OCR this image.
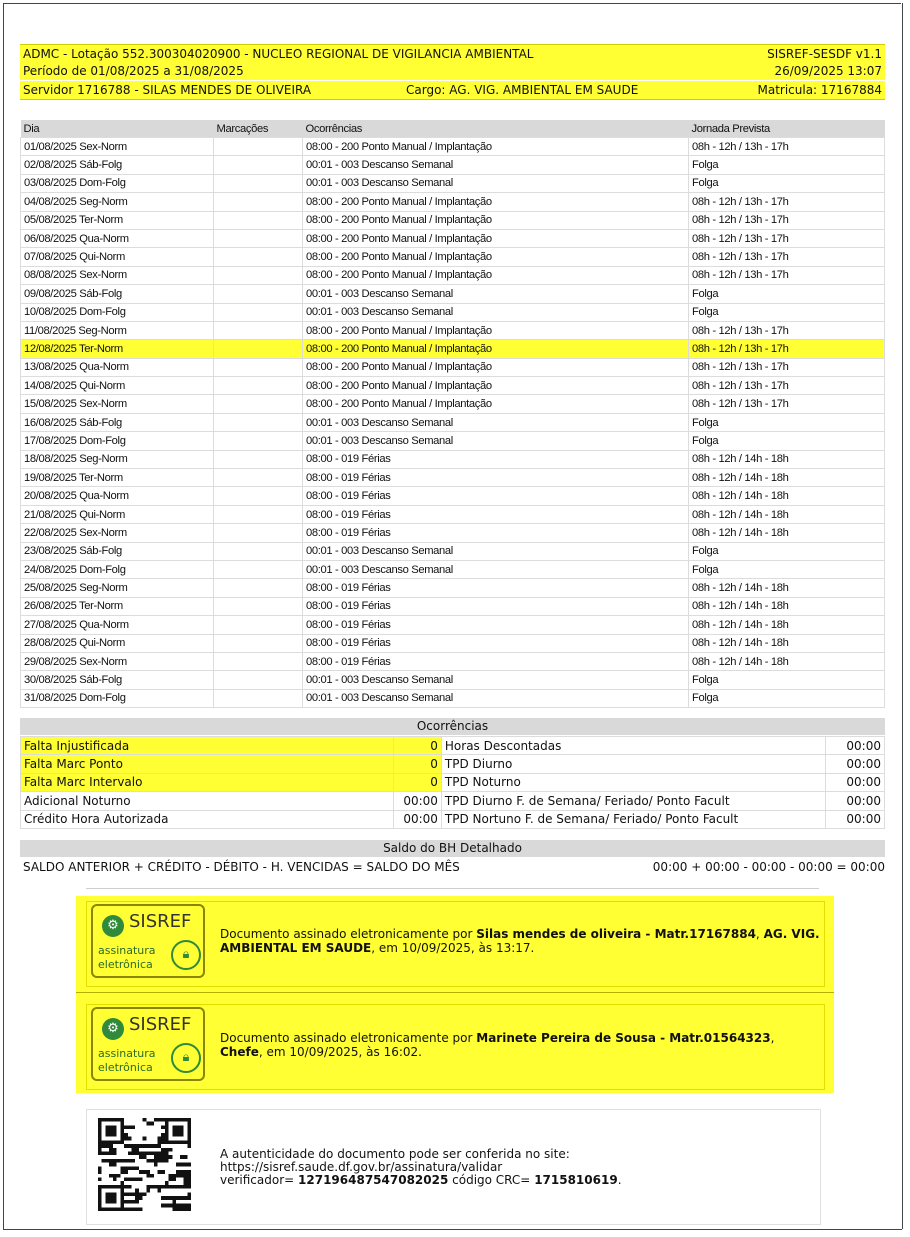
ADMC - Lotação 552.300304020900 - NUCLEO REGIONAL DE VIGILANCIA AMBIENTAL	SISREF-SESDF v1.1
Período de 01/08/2025 a 31/08/2025	26/09/2025 13:07
Servidor 1716788 - SILAS MENDES DE OLIVEIRA	Cargo: AG. VIG. AMBIENTAL EM SAUDE	Matricula: 17167884
Dia	Marcações	Ocorrências	Jornada Prevista
01/08/2025 Sex-Norm		08:00 - 200 Ponto Manual / Implantação	08h - 12h / 13h - 17h
02/08/2025 Sáb-Folg		00:01 - 003 Descanso Semanal	Folga
03/08/2025 Dom-Folg		00:01 - 003 Descanso Semanal	Folga
04/08/2025 Seg-Norm		08:00 - 200 Ponto Manual / Implantação	08h - 12h / 13h - 17h
05/08/2025 Ter-Norm		08:00 - 200 Ponto Manual / Implantação	08h - 12h / 13h - 17h
06/08/2025 Qua-Norm		08:00 - 200 Ponto Manual / Implantação	08h - 12h / 13h - 17h
07/08/2025 Qui-Norm		08:00 - 200 Ponto Manual / Implantação	08h - 12h / 13h - 17h
08/08/2025 Sex-Norm		08:00 - 200 Ponto Manual / Implantação	08h - 12h / 13h - 17h
09/08/2025 Sáb-Folg		00:01 - 003 Descanso Semanal	Folga
10/08/2025 Dom-Folg		00:01 - 003 Descanso Semanal	Folga
11/08/2025 Seg-Norm		08:00 - 200 Ponto Manual / Implantação	08h - 12h / 13h - 17h
12/08/2025 Ter-Norm		08:00 - 200 Ponto Manual / Implantação	08h - 12h / 13h - 17h
13/08/2025 Qua-Norm		08:00 - 200 Ponto Manual / Implantação	08h - 12h / 13h - 17h
14/08/2025 Qui-Norm		08:00 - 200 Ponto Manual / Implantação	08h - 12h / 13h - 17h
15/08/2025 Sex-Norm		08:00 - 200 Ponto Manual / Implantação	08h - 12h / 13h - 17h
16/08/2025 Sáb-Folg		00:01 - 003 Descanso Semanal	Folga
17/08/2025 Dom-Folg		00:01 - 003 Descanso Semanal	Folga
18/08/2025 Seg-Norm		08:00 - 019 Férias	08h - 12h / 14h - 18h
19/08/2025 Ter-Norm		08:00 - 019 Férias	08h - 12h / 14h - 18h
20/08/2025 Qua-Norm		08:00 - 019 Férias	08h - 12h / 14h - 18h
21/08/2025 Qui-Norm		08:00 - 019 Férias	08h - 12h / 14h - 18h
22/08/2025 Sex-Norm		08:00 - 019 Férias	08h - 12h / 14h - 18h
23/08/2025 Sáb-Folg		00:01 - 003 Descanso Semanal	Folga
24/08/2025 Dom-Folg		00:01 - 003 Descanso Semanal	Folga
25/08/2025 Seg-Norm		08:00 - 019 Férias	08h - 12h / 14h - 18h
26/08/2025 Ter-Norm		08:00 - 019 Férias	08h - 12h / 14h - 18h
27/08/2025 Qua-Norm		08:00 - 019 Férias	08h - 12h / 14h - 18h
28/08/2025 Qui-Norm		08:00 - 019 Férias	08h - 12h / 14h - 18h
29/08/2025 Sex-Norm		08:00 - 019 Férias	08h - 12h / 14h - 18h
30/08/2025 Sáb-Folg		00:01 - 003 Descanso Semanal	Folga
31/08/2025 Dom-Folg		00:01 - 003 Descanso Semanal	Folga
Ocorrências
Falta Injustificada	0	Horas Descontadas	00:00
Falta Marc Ponto	0	TPD Diurno	00:00
Falta Marc Intervalo	0	TPD Noturno	00:00
Adicional Noturno	00:00	TPD Diurno F. de Semana/ Feriado/ Ponto Facult	00:00
Crédito Hora Autorizada	00:00	TPD Nortuno F. de Semana/ Feriado/ Ponto Facult	00:00
Saldo do BH Detalhado
SALDO ANTERIOR + CRÉDITO - DÉBITO - H. VENCIDAS = SALDO DO MÊS	00:00 + 00:00 - 00:00 - 00:00 = 00:00
⚙ SISREF
assinatura
eletrônica
🔒︎
Documento assinado eletronicamente por Silas mendes de oliveira - Matr.17167884, AG. VIG. AMBIENTAL EM SAUDE, em 10/09/2025, às 13:17.
⚙ SISREF
assinatura
eletrônica
🔒︎
Documento assinado eletronicamente por Marinete Pereira de Sousa - Matr.01564323, Chefe, em 10/09/2025, às 16:02.
A autenticidade do documento pode ser conferida no site:
https://sisref.saude.df.gov.br/assinatura/validar
verificador= 127196487547082025 código CRC= 1715810619.
